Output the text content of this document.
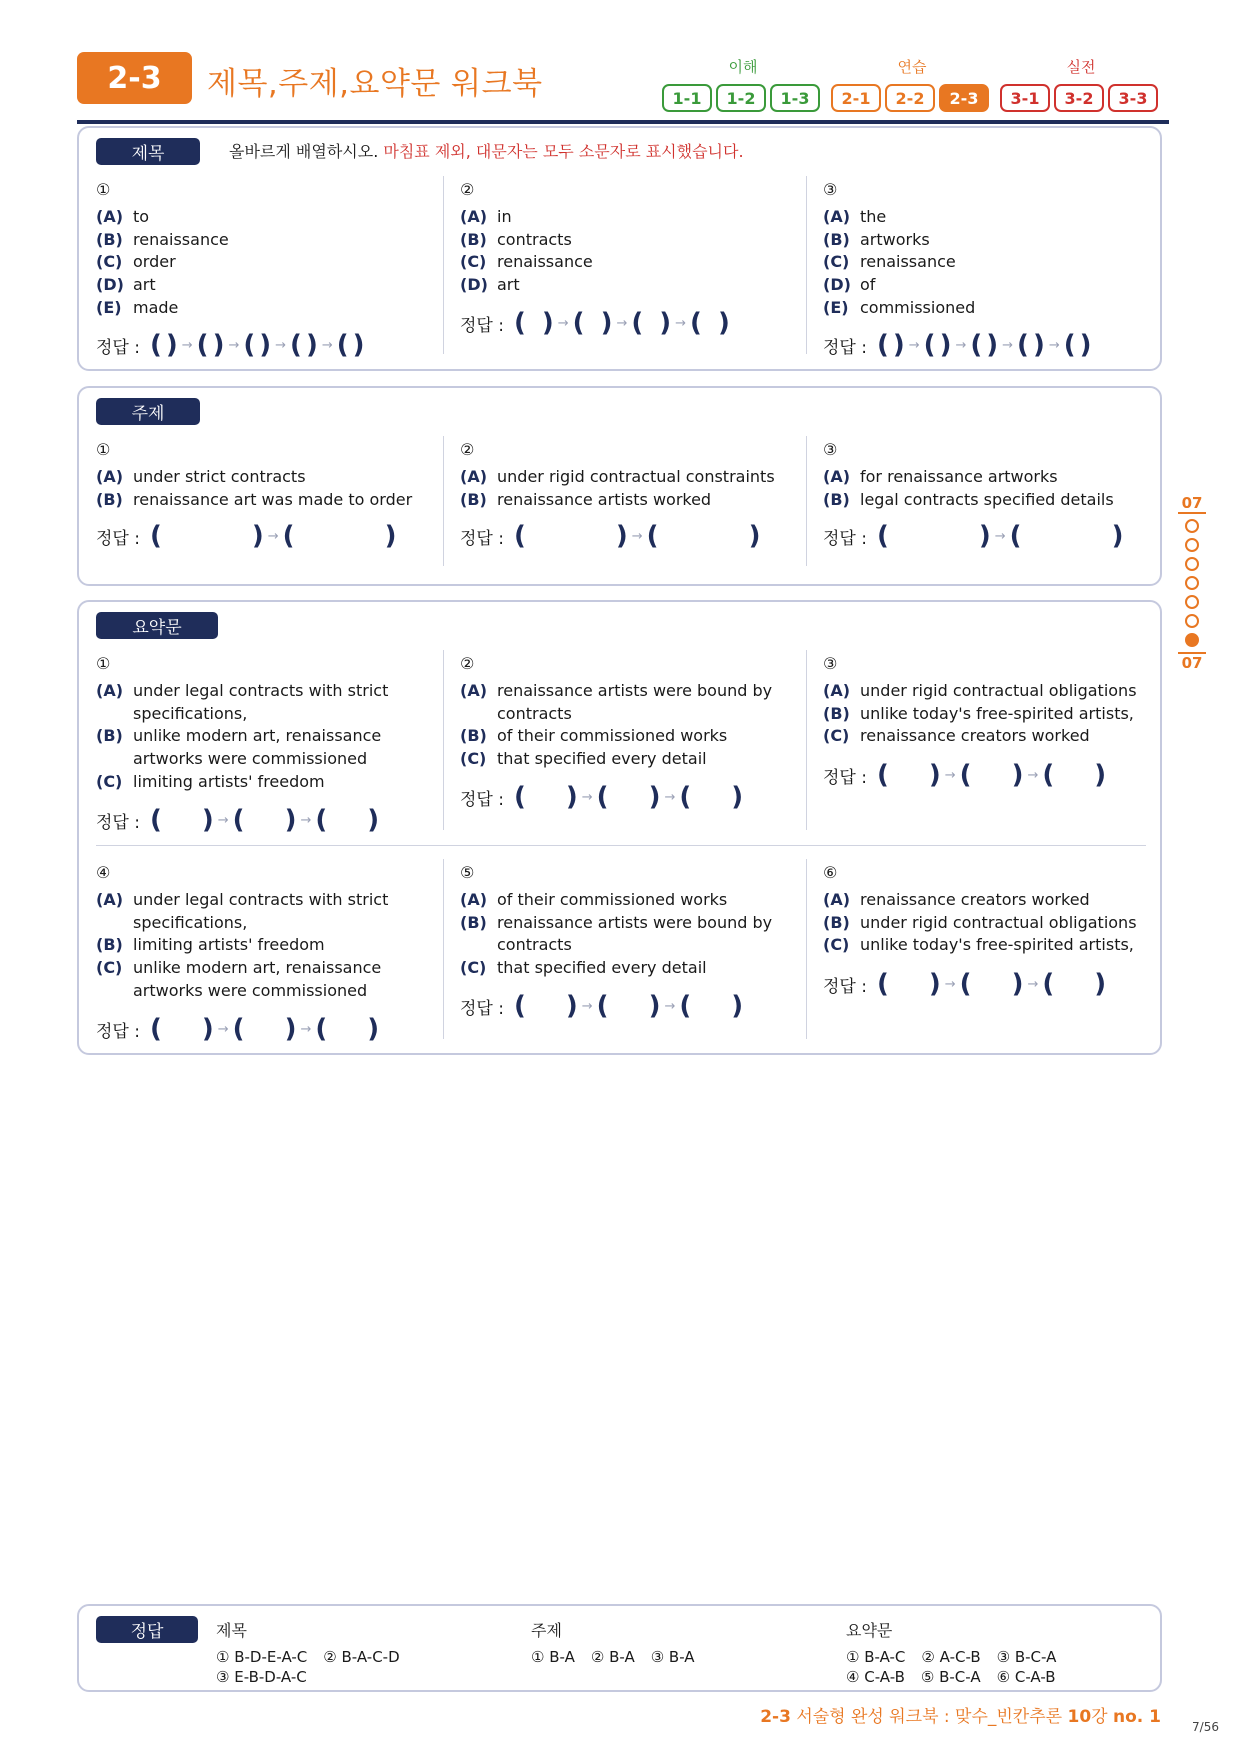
2-3	제목,주제,요약문 워크북	이해
1-1	1-2	1-3
연습
2-1	2-2	2-3
실전
3-1	3-2	3-3
제목	올바르게 배열하시오. 마침표 제외, 대문자는 모두 소문자로 표시했습니다.
①
(A) to
(B) renaissance
(C) order
(D) art
(E) made
정답 : ( ) → ( ) → ( ) → ( ) → ( )
②
(A) in
(B) contracts
(C) renaissance
(D) art
정답 : ( ) → ( ) → ( ) → ( )
③
(A) the
(B) artworks
(C) renaissance
(D) of
(E) commissioned
정답 : ( ) → ( ) → ( ) → ( ) → ( )
주제
①
(A) under strict contracts
(B) renaissance art was made to order
정답 : (	) → (	)
②
(A) under rigid contractual constraints
(B) renaissance artists worked
정답 : (	) → (	)
③
(A) for renaissance artworks
(B) legal contracts specified details
정답 : (	) → (	)
요약문
①
(A) under legal contracts with strict specifications,
(B) unlike modern art, renaissance artworks were commissioned
(C) limiting artists' freedom
정답 : ( ) → ( ) → ( )
②
(A) renaissance artists were bound by contracts
(B) of their commissioned works
(C) that specified every detail
정답 : ( ) → ( ) → ( )
③
(A) under rigid contractual obligations
(B) unlike today's free-spirited artists,
(C) renaissance creators worked
정답 : ( ) → ( ) → ( )
④
(A) under legal contracts with strict specifications,
(B) limiting artists' freedom
(C) unlike modern art, renaissance artworks were commissioned
정답 : ( ) → ( ) → ( )
⑤
(A) of their commissioned works
(B) renaissance artists were bound by contracts
(C) that specified every detail
정답 : ( ) → ( ) → ( )
⑥
(A) renaissance creators worked
(B) under rigid contractual obligations
(C) unlike today's free-spirited artists,
정답 : ( ) → ( ) → ( )
07
07
정답	제목
① B-D-E-A-C ② B-A-C-D
③ E-B-D-A-C
주제
① B-A ② B-A ③ B-A
요약문
① B-A-C ② A-C-B ③ B-C-A
④ C-A-B ⑤ B-C-A ⑥ C-A-B
2-3 서술형 완성 워크북 : 맞수_빈칸추론 10강 no. 1	7/56
